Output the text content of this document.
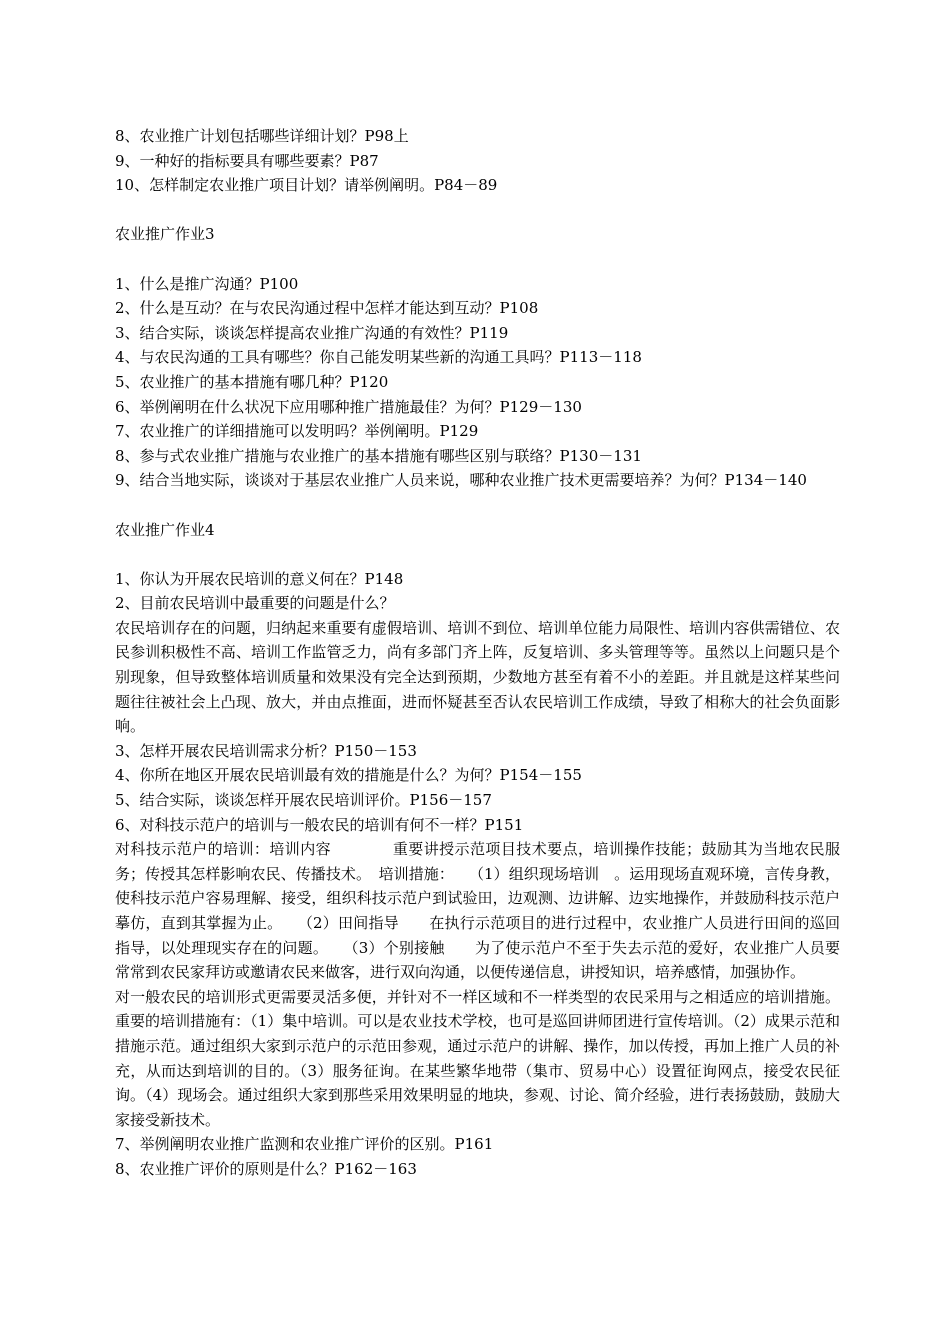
8、农业推广计划包括哪些详细计划？P98上

9、一种好的指标要具有哪些要素？P87

10、怎样制定农业推广项目计划？请举例阐明。P84－89

农业推广作业3

1、什么是推广沟通？P100

2、什么是互动？在与农民沟通过程中怎样才能达到互动？P108

3、结合实际，谈谈怎样提高农业推广沟通的有效性？P119

4、与农民沟通的工具有哪些？你自己能发明某些新的沟通工具吗？P113－118

5、农业推广的基本措施有哪几种？P120

6、举例阐明在什么状况下应用哪种推广措施最佳？为何？P129－130

7、农业推广的详细措施可以发明吗？举例阐明。P129

8、参与式农业推广措施与农业推广的基本措施有哪些区别与联络？P130－131

9、结合当地实际，谈谈对于基层农业推广人员来说，哪种农业推广技术更需要培养？为何？P134－140

农业推广作业4

1、你认为开展农民培训的意义何在？P148

2、目前农民培训中最重要的问题是什么？

农民培训存在的问题，归纳起来重要有虚假培训、培训不到位、培训单位能力局限性、培训内容供需错位、农民参训积极性不高、培训工作监管乏力，尚有多部门齐上阵，反复培训、多头管理等等。虽然以上问题只是个别现象，但导致整体培训质量和效果没有完全达到预期，少数地方甚至有着不小的差距。并且就是这样某些问题往往被社会上凸现、放大，并由点推面，进而怀疑甚至否认农民培训工作成绩，导致了相称大的社会负面影响。

3、怎样开展农民培训需求分析？P150－153

4、你所在地区开展农民培训最有效的措施是什么？为何？P154－155

5、结合实际，谈谈怎样开展农民培训评价。P156－157

6、对科技示范户的培训与一般农民的培训有何不一样？P151

对科技示范户的培训：培训内容　　　　重要讲授示范项目技术要点，培训操作技能；鼓励其为当地农民服务；传授其怎样影响农民、传播技术。　培训措施：　　（1）组织现场培训　。运用现场直观环境，言传身教，使科技示范户容易理解、接受，组织科技示范户到试验田，边观测、边讲解、边实地操作，并鼓励科技示范户摹仿，直到其掌握为止。　　（2）田间指导　　在执行示范项目的进行过程中，农业推广人员进行田间的巡回指导，以处理现实存在的问题。　　（3）个别接触　　为了使示范户不至于失去示范的爱好，农业推广人员要常常到农民家拜访或邀请农民来做客，进行双向沟通，以便传递信息，讲授知识，培养感情，加强协作。

对一般农民的培训形式更需要灵活多便，并针对不一样区域和不一样类型的农民采用与之相适应的培训措施。重要的培训措施有：（1）集中培训。可以是农业技术学校，也可是巡回讲师团进行宣传培训。（2）成果示范和措施示范。通过组织大家到示范户的示范田参观，通过示范户的讲解、操作，加以传授，再加上推广人员的补充，从而达到培训的目的。（3）服务征询。在某些繁华地带（集市、贸易中心）设置征询网点，接受农民征询。（4）现场会。通过组织大家到那些采用效果明显的地块，参观、讨论、简介经验，进行表扬鼓励，鼓励大家接受新技术。

7、举例阐明农业推广监测和农业推广评价的区别。P161

8、农业推广评价的原则是什么？P162－163
